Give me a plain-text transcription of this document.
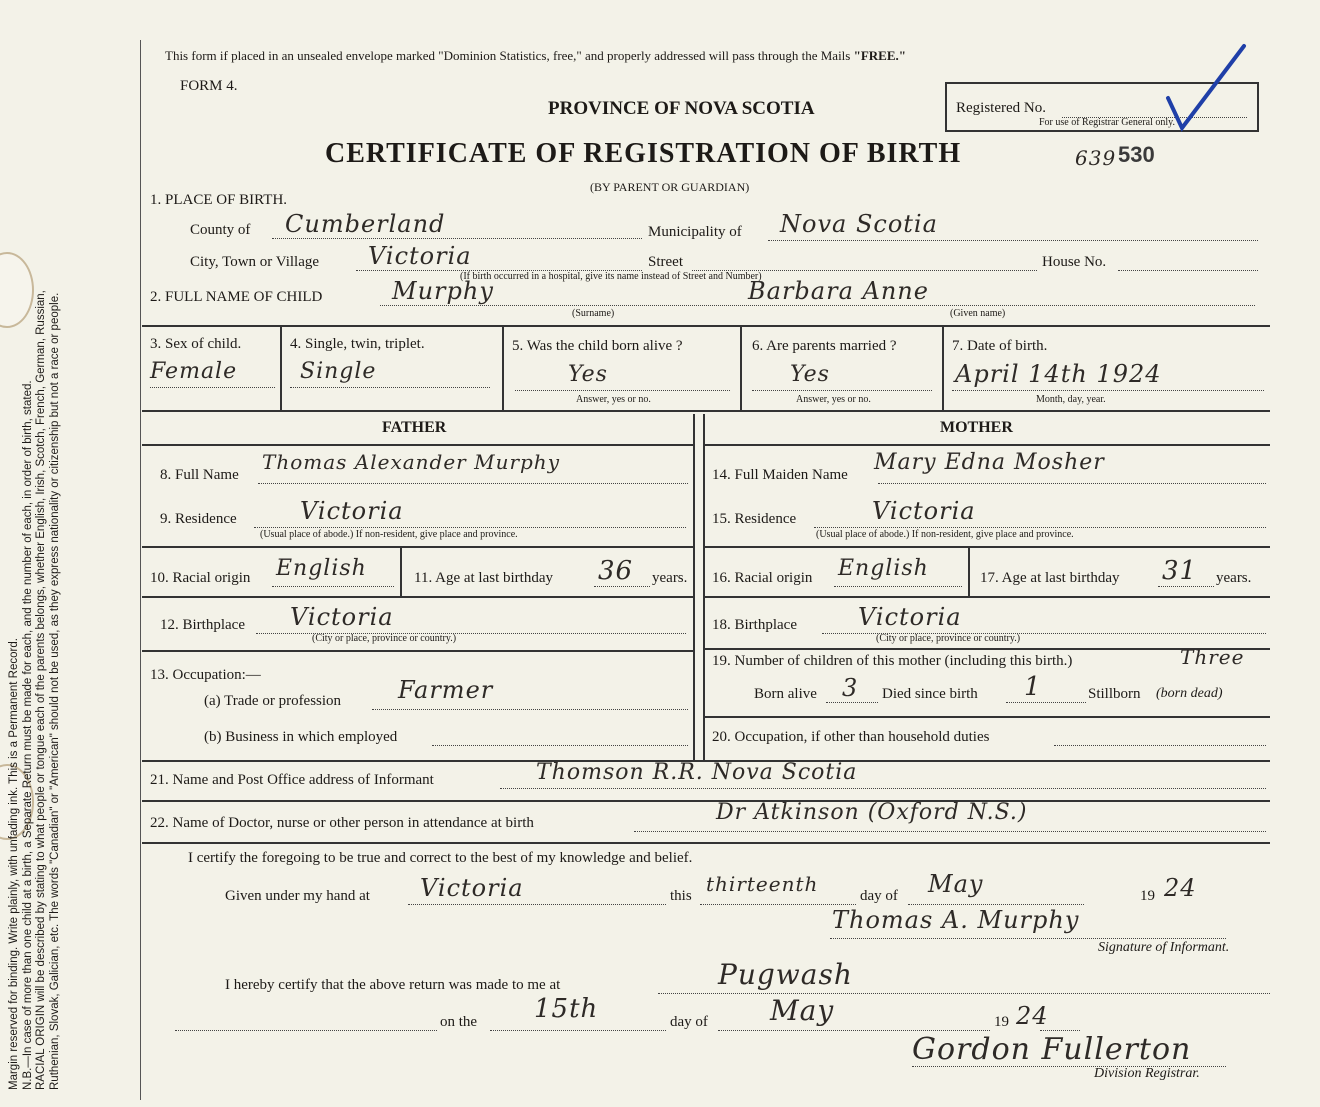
Margin reserved for binding. Write plainly, with unfading ink. This is a Permanent Record. N.B.—In case of more than one child at a birth, a Separate Return must be made for each, and the number of each, in order of birth, stated. RACIAL ORIGIN will be described by stating to what people or tongue each of the parents belongs, whether English, Irish, Scotch, French, German, Russian, Ruthenian, Slovak, Galician, etc. The words "Canadian" or "American" should not be used, as they express nationality or citizenship but not a race or people.
This form if placed in an unsealed envelope marked "Dominion Statistics, free," and properly addressed will pass through the Mails "FREE."
FORM 4.
PROVINCE OF NOVA SCOTIA	Registered No.
For use of Registrar General only.
CERTIFICATE OF REGISTRATION OF BIRTH	639 530
(BY PARENT OR GUARDIAN)
1. PLACE OF BIRTH.
County of Cumberland	Municipality of Nova Scotia
City, Town or Village Victoria	Street	House No.
(If birth occurred in a hospital, give its name instead of Street and Number)
2. FULL NAME OF CHILD	Murphy	Barbara Anne
(Surname)	(Given name)
3. Sex of child.
Female
4. Single, twin, triplet.
Single
5. Was the child born alive ?
Yes
Answer, yes or no.
6. Are parents married ?
Yes
Answer, yes or no.
7. Date of birth.
April 14th 1924
Month, day, year.
FATHER	MOTHER
8. Full Name
Thomas Alexander Murphy
9. Residence	Victoria
(Usual place of abode.) If non-resident, give place and province.
10. Racial origin English	11. Age at last birthday 36 years.
12. Birthplace Victoria
(City or place, province or country.)
13. Occupation:—
(a) Trade or profession Farmer
(b) Business in which employed
14. Full Maiden Name Mary Edna Mosher
15. Residence	Victoria
(Usual place of abode.) If non-resident, give place and province.
16. Racial origin English	17. Age at last birthday 31 years.
18. Birthplace	Victoria
(City or place, province or country.)
19. Number of children of this mother (including this birth.)	Three
Born alive 3 Died since birth 1	Stillborn (born dead)
20. Occupation, if other than household duties
21. Name and Post Office address of Informant	Thomson R.R. Nova Scotia
22. Name of Doctor, nurse or other person in attendance at birth	Dr Atkinson (Oxford N.S.)
I certify the foregoing to be true and correct to the best of my knowledge and belief.
Given under my hand at Victoria	this thirteenth	day of May	19 24
Thomas A. Murphy
Signature of Informant.
I hereby certify that the above return was made to me at	Pugwash
on the 15th	day of May	19 24
Gordon Fullerton
Division Registrar.
